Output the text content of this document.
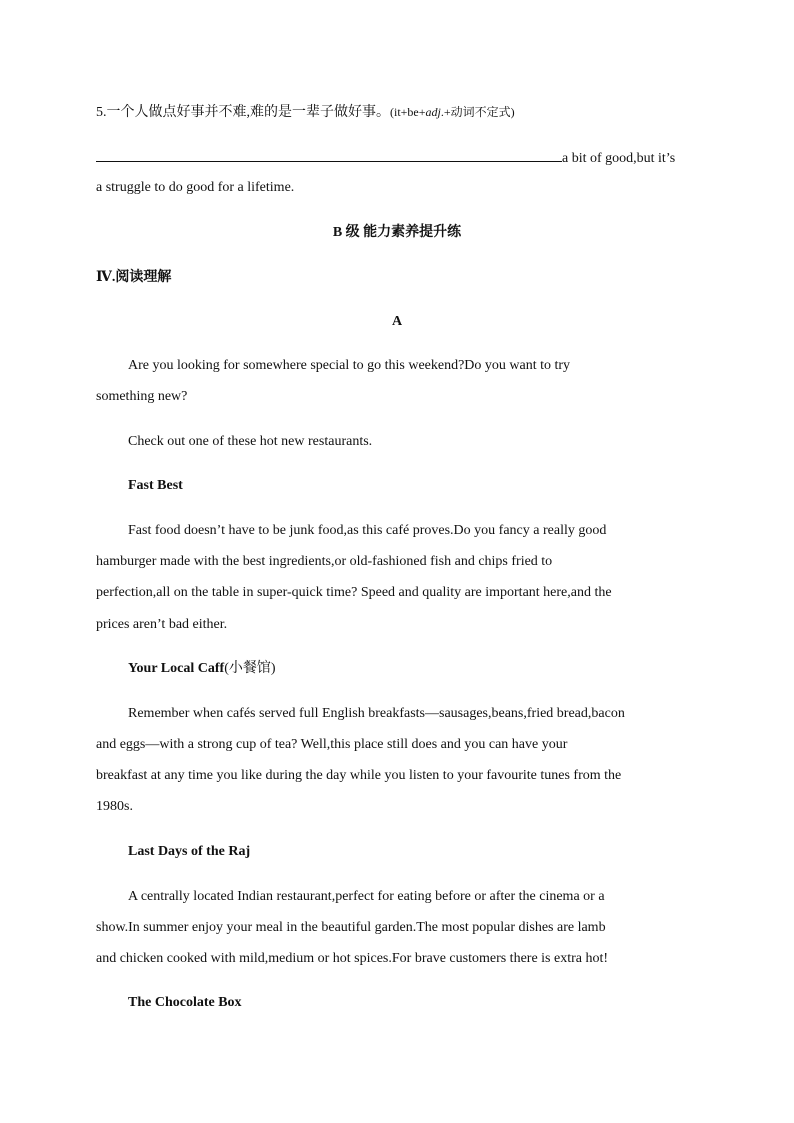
5.一个人做点好事并不难,难的是一辈子做好事。(it+be+adj.+动词不定式)
a bit of good,but it’s
a struggle to do good for a lifetime.
B 级 能力素养提升练
Ⅳ.阅读理解
A
Are you looking for somewhere special to go this weekend?Do you want to try
something new?
Check out one of these hot new restaurants.
Fast Best
Fast food doesn’t have to be junk food,as this café proves.Do you fancy a really good
hamburger made with the best ingredients,or old-fashioned fish and chips fried to
perfection,all on the table in super-quick time? Speed and quality are important here,and the
prices aren’t bad either.
Your Local Caff(小餐馆)
Remember when cafés served full English breakfasts—sausages,beans,fried bread,bacon
and eggs—with a strong cup of tea? Well,this place still does and you can have your
breakfast at any time you like during the day while you listen to your favourite tunes from the
1980s.
Last Days of the Raj
A centrally located Indian restaurant,perfect for eating before or after the cinema or a
show.In summer enjoy your meal in the beautiful garden.The most popular dishes are lamb
and chicken cooked with mild,medium or hot spices.For brave customers there is extra hot!
The Chocolate Box
